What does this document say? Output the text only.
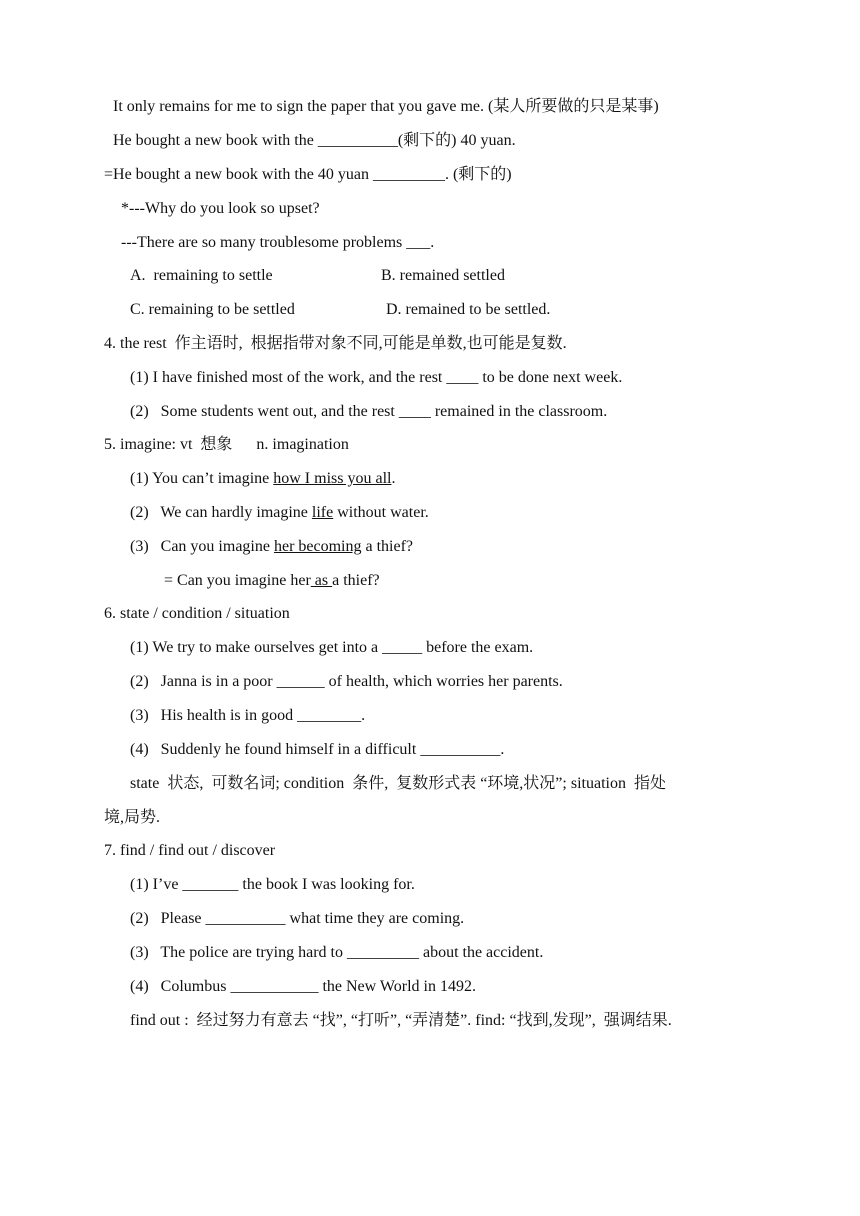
It only remains for me to sign the paper that you gave me. (某人所要做的只是某事)
He bought a new book with the __________(剩下的) 40 yuan.
=He bought a new book with the 40 yuan _________. (剩下的)
*---Why do you look so upset?
---There are so many troublesome problems ___.
A.  remaining to settle	B. remained settled
C. remaining to be settled	D. remained to be settled.
4. the rest  作主语时,  根据指带对象不同,可能是单数,也可能是复数.
(1) I have finished most of the work, and the rest ____ to be done next week.
(2)   Some students went out, and the rest ____ remained in the classroom.
5. imagine: vt  想象      n. imagination
(1) You can’t imagine how I miss you all.
(2)   We can hardly imagine life without water.
(3)   Can you imagine her becoming a thief?
= Can you imagine her as a thief?
6. state / condition / situation
(1) We try to make ourselves get into a _____ before the exam.
(2)   Janna is in a poor ______ of health, which worries her parents.
(3)   His health is in good ________.
(4)   Suddenly he found himself in a difficult __________.
state  状态,  可数名词; condition  条件,  复数形式表 “环境,状况”; situation  指处
境,局势.
7. find / find out / discover
(1) I’ve _______ the book I was looking for.
(2)   Please __________ what time they are coming.
(3)   The police are trying hard to _________ about the accident.
(4)   Columbus ___________ the New World in 1492.
find out :  经过努力有意去 “找”, “打听”, “弄清楚”. find: “找到,发现”,  强调结果.
